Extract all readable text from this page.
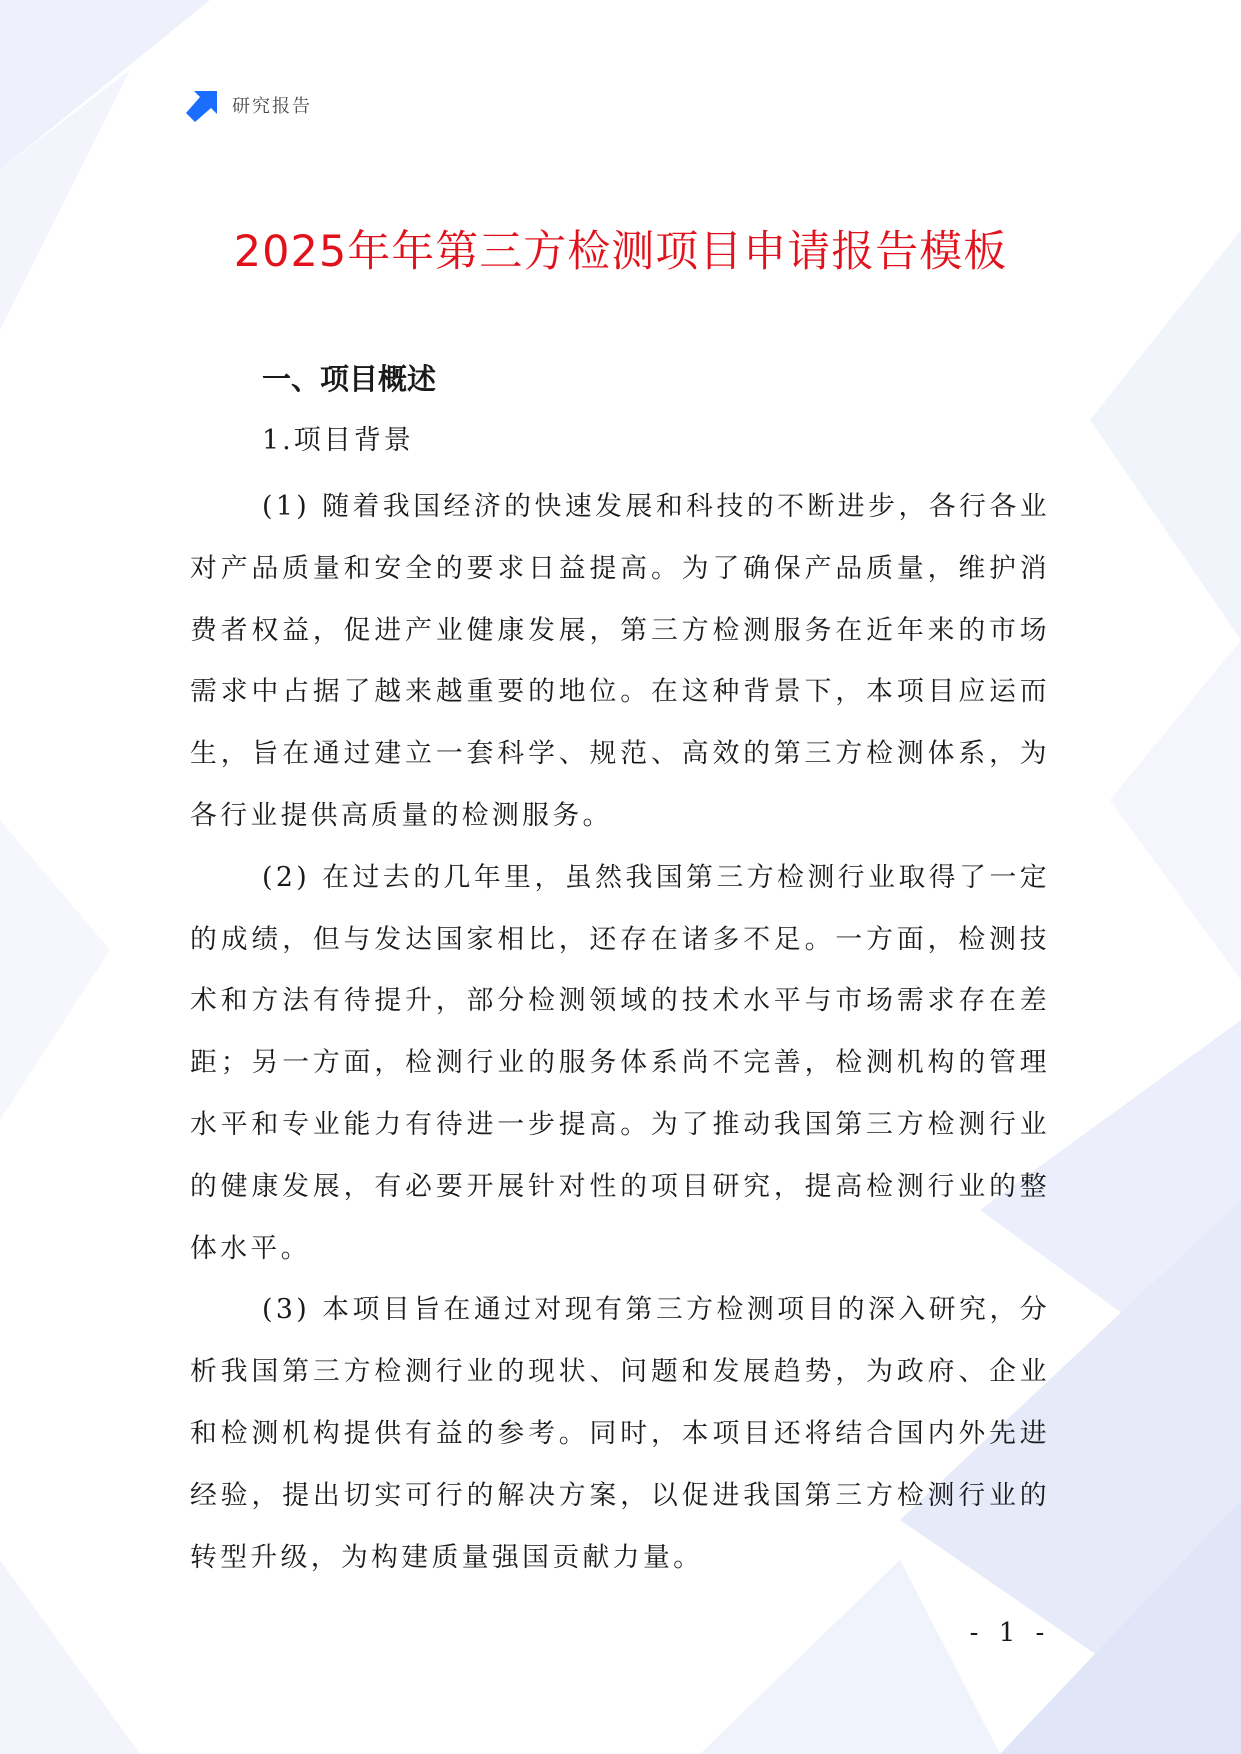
研究报告
2025年年第三方检测项目申请报告模板

一、项目概述

1.项目背景

(1) 随着我国经济的快速发展和科技的不断进步，各行各业对产品质量和安全的要求日益提高。为了确保产品质量，维护消费者权益，促进产业健康发展，第三方检测服务在近年来的市场需求中占据了越来越重要的地位。在这种背景下，本项目应运而生，旨在通过建立一套科学、规范、高效的第三方检测体系，为各行业提供高质量的检测服务。

(2) 在过去的几年里，虽然我国第三方检测行业取得了一定的成绩，但与发达国家相比，还存在诸多不足。一方面，检测技术和方法有待提升，部分检测领域的技术水平与市场需求存在差距；另一方面，检测行业的服务体系尚不完善，检测机构的管理水平和专业能力有待进一步提高。为了推动我国第三方检测行业的健康发展，有必要开展针对性的项目研究，提高检测行业的整体水平。

(3) 本项目旨在通过对现有第三方检测项目的深入研究，分析我国第三方检测行业的现状、问题和发展趋势，为政府、企业和检测机构提供有益的参考。同时，本项目还将结合国内外先进经验，提出切实可行的解决方案，以促进我国第三方检测行业的转型升级，为构建质量强国贡献力量。

- 1 -
